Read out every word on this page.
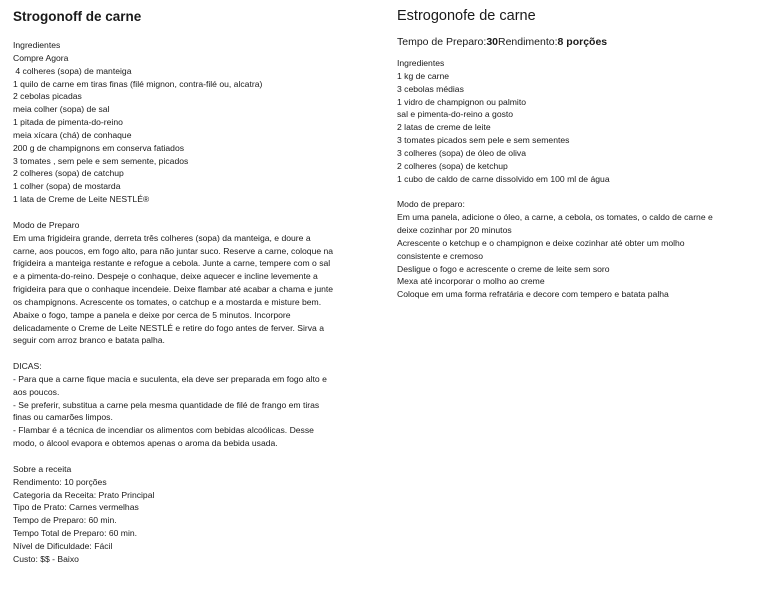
Strogonoff de carne
Ingredientes
Compre Agora
4 colheres (sopa) de manteiga
1 quilo de carne em tiras finas (filé mignon, contra-filé ou, alcatra)
2 cebolas picadas
meia colher (sopa) de sal
1 pitada de pimenta-do-reino
meia xícara (chá) de conhaque
200 g de champignons em conserva fatiados
3 tomates , sem pele e sem semente, picados
2 colheres (sopa) de catchup
1 colher (sopa) de mostarda
1 lata de Creme de Leite NESTLÉ®
Modo de Preparo
Em uma frigideira grande, derreta três colheres (sopa) da manteiga, e doure a
carne, aos poucos, em fogo alto, para não juntar suco. Reserve a carne, coloque na
frigideira a manteiga restante e refogue a cebola. Junte a carne, tempere com o sal
e a pimenta-do-reino. Despeje o conhaque, deixe aquecer e incline levemente a
frigideira para que o conhaque incendeie. Deixe flambar até acabar a chama e junte
os champignons. Acrescente os tomates, o catchup e a mostarda e misture bem.
Abaixe o fogo, tampe a panela e deixe por cerca de 5 minutos. Incorpore
delicadamente o Creme de Leite NESTLÉ e retire do fogo antes de ferver. Sirva a
seguir com arroz branco e batata palha.
DICAS:
- Para que a carne fique macia e suculenta, ela deve ser preparada em fogo alto e
aos poucos.
- Se preferir, substitua a carne pela mesma quantidade de filé de frango em tiras
finas ou camarões limpos.
- Flambar é a técnica de incendiar os alimentos com bebidas alcoólicas. Desse
modo, o álcool evapora e obtemos apenas o aroma da bebida usada.
Sobre a receita
Rendimento: 10 porções
Categoria da Receita: Prato Principal
Tipo de Prato: Carnes vermelhas
Tempo de Preparo: 60 min.
Tempo Total de Preparo: 60 min.
Nível de Dificuldade: Fácil
Custo: $$ - Baixo
Estrogonofe de carne
Tempo de Preparo:30Rendimento:8 porções
Ingredientes
1 kg de carne
3 cebolas médias
1 vidro de champignon ou palmito
sal e pimenta-do-reino a gosto
2 latas de creme de leite
3 tomates picados sem pele e sem sementes
3 colheres (sopa) de óleo de oliva
2 colheres (sopa) de ketchup
1 cubo de caldo de carne dissolvido em 100 ml de água
Modo de preparo:
Em uma panela, adicione o óleo, a carne, a cebola, os tomates, o caldo de carne e
deixe cozinhar por 20 minutos
Acrescente o ketchup e o champignon e deixe cozinhar até obter um molho
consistente e cremoso
Desligue o fogo e acrescente o creme de leite sem soro
Mexa até incorporar o molho ao creme
Coloque em uma forma refratária e decore com tempero e batata palha
